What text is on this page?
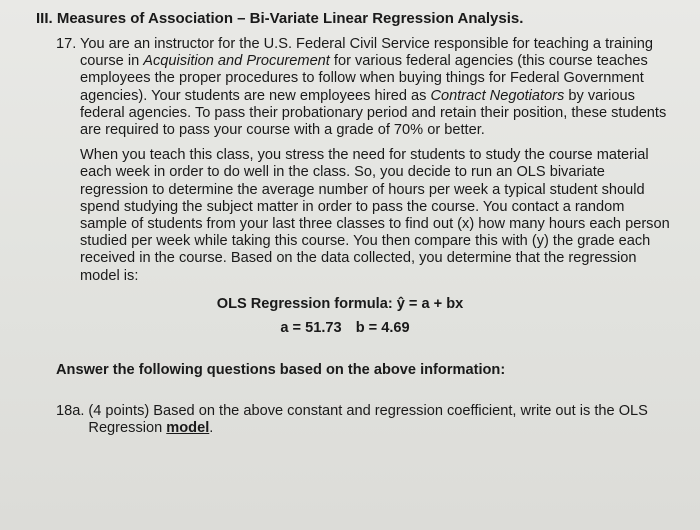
III. Measures of Association – Bi-Variate Linear Regression Analysis.
17. You are an instructor for the U.S. Federal Civil Service responsible for teaching a training course in Acquisition and Procurement for various federal agencies (this course teaches employees the proper procedures to follow when buying things for Federal Government agencies). Your students are new employees hired as Contract Negotiators by various federal agencies. To pass their probationary period and retain their position, these students are required to pass your course with a grade of 70% or better.

When you teach this class, you stress the need for students to study the course material each week in order to do well in the class. So, you decide to run an OLS bivariate regression to determine the average number of hours per week a typical student should spend studying the subject matter in order to pass the course. You contact a random sample of students from your last three classes to find out (x) how many hours each person studied per week while taking this course. You then compare this with (y) the grade each received in the course. Based on the data collected, you determine that the regression model is:

OLS Regression formula: ŷ = a + bx
a = 51.73 b = 4.69
Answer the following questions based on the above information:
18a. (4 points) Based on the above constant and regression coefficient, write out is the OLS Regression model.
